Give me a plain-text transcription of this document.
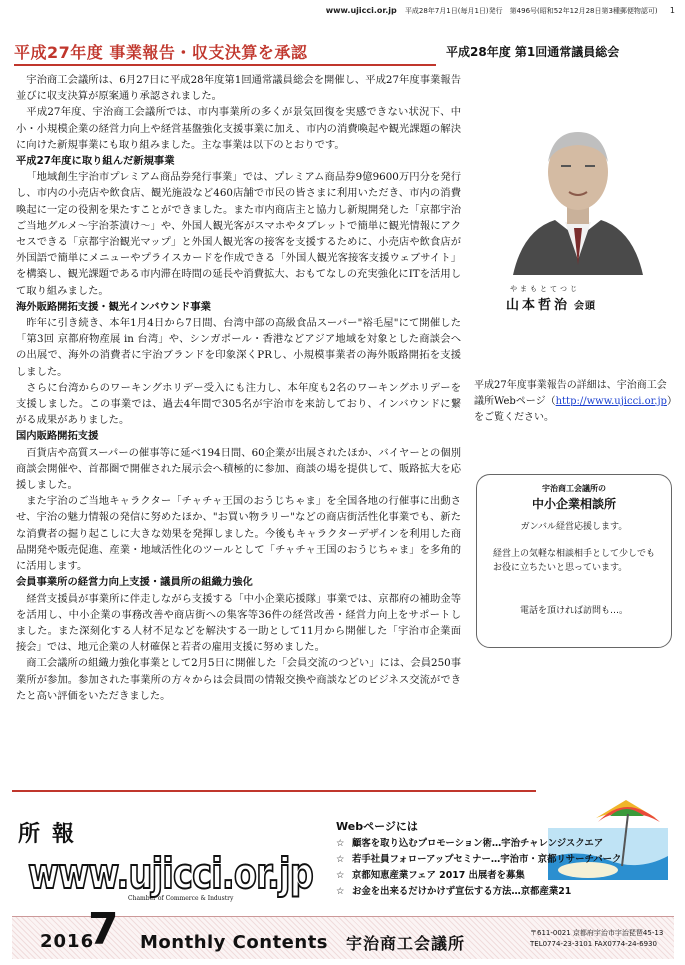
www.ujicci.or.jp 平成28年7月1日(毎月1日)発行　第496号(昭和52年12月28日第3種郵便物認可) 1
平成27年度 事業報告・収支決算を承認	平成28年度 第1回通常議員総会

宇治商工会議所は、6月27日に平成28年度第1回通常議員総会を開催し、平成27年度事業報告並びに収支決算が原案通り承認されました。

平成27年度、宇治商工会議所では、市内事業所の多くが景気回復を実感できない状況下、中小・小規模企業の経営力向上や経営基盤強化支援事業に加え、市内の消費喚起や観光課題の解決に向けた新規事業にも取り組みました。主な事業は以下のとおりです。

平成27年度に取り組んだ新規事業

「地域創生宇治市プレミアム商品券発行事業」では、プレミアム商品券9億9600万円分を発行し、市内の小売店や飲食店、観光施設など460店舗で市民の皆さまに利用いただき、市内の消費喚起に一定の役割を果たすことができました。また市内商店主と協力し新規開発した「京都宇治ご当地グルメ〜宇治茶漬け〜」や、外国人観光客がスマホやタブレットで簡単に観光情報にアクセスできる「京都宇治観光マップ」と外国人観光客の接客を支援するために、小売店や飲食店が外国語で簡単にメニューやプライスカードを作成できる「外国人観光客接客支援ウェブサイト」を構築し、観光課題である市内滞在時間の延長や消費拡大、おもてなしの充実強化にITを活用して取り組みました。

海外販路開拓支援・観光インバウンド事業

昨年に引き続き、本年1月4日から7日間、台湾中部の高級食品スーパー"裕毛屋"にて開催した「第3回 京都府物産展 in 台湾」や、シンガポール・香港などアジア地域を対象とした商談会への出展で、海外の消費者に宇治ブランドを印象深くPRし、小規模事業者の海外販路開拓を支援しました。

さらに台湾からのワーキングホリデー受入にも注力し、本年度も2名のワーキングホリデーを支援しました。この事業では、過去4年間で305名が宇治市を来訪しており、インバウンドに繋がる成果がありました。

国内販路開拓支援

百貨店や高質スーパーの催事等に延べ194日間、60企業が出展されたほか、バイヤーとの個別商談会開催や、首都圏で開催された展示会へ積極的に参加、商談の場を提供して、販路拡大を応援しました。

また宇治のご当地キャラクター「チャチャ王国のおうじちゃま」を全国各地の行催事に出動させ、宇治の魅力情報の発信に努めたほか、"お買い物ラリー"などの商店街活性化事業でも、新たな消費者の掘り起こしに大きな効果を発揮しました。今後もキャラクターデザインを利用した商品開発や販売促進、産業・地域活性化のツールとして「チャチャ王国のおうじちゃま」を多角的に活用します。

会員事業所の経営力向上支援・議員所の組織力強化

経営支援員が事業所に伴走しながら支援する「中小企業応援隊」事業では、京都府の補助金等を活用し、中小企業の事務改善や商店街への集客等36件の経営改善・経営力向上をサポートしました。また深刻化する人材不足などを解決する一助として11月から開催した「宇治市企業面接会」では、地元企業の人材確保と若者の雇用支援に努めました。

商工会議所の組織力強化事業として2月5日に開催した「会員交流のつどい」には、会員250事業所が参加。参加された事業所の方々からは会員間の情報交換や商談などのビジネス交流ができたと高い評価をいただきました。

やまもとてつじ
山本哲治 会頭
平成27年度事業報告の詳細は、宇治商工会議所Webページ（http://www.ujicci.or.jp）をご覧ください。
宇治商工会議所の
中小企業相談所
ガンバル経営応援します。
経営上の気軽な相談相手として少しでもお役に立ちたいと思っています。
電話を頂ければ訪問も…。
所報
www.ujicci.or.jp
Chamber of Commerce & Industry
Webページには
☆ 顧客を取り込むプロモーション術…宇治チャレンジスクエア
☆ 若手社員フォローアップセミナー…宇治市・京都リサーチパーク
☆ 京都知恵産業フェア 2017 出展者を募集
☆ お金を出来るだけかけず宣伝する方法…京都産業21
2016
7 Monthly Contents 宇治商工会議所
〒611-0021 京都府宇治市宇治琵琶45-13
TEL0774-23-3101 FAX0774-24-6930
